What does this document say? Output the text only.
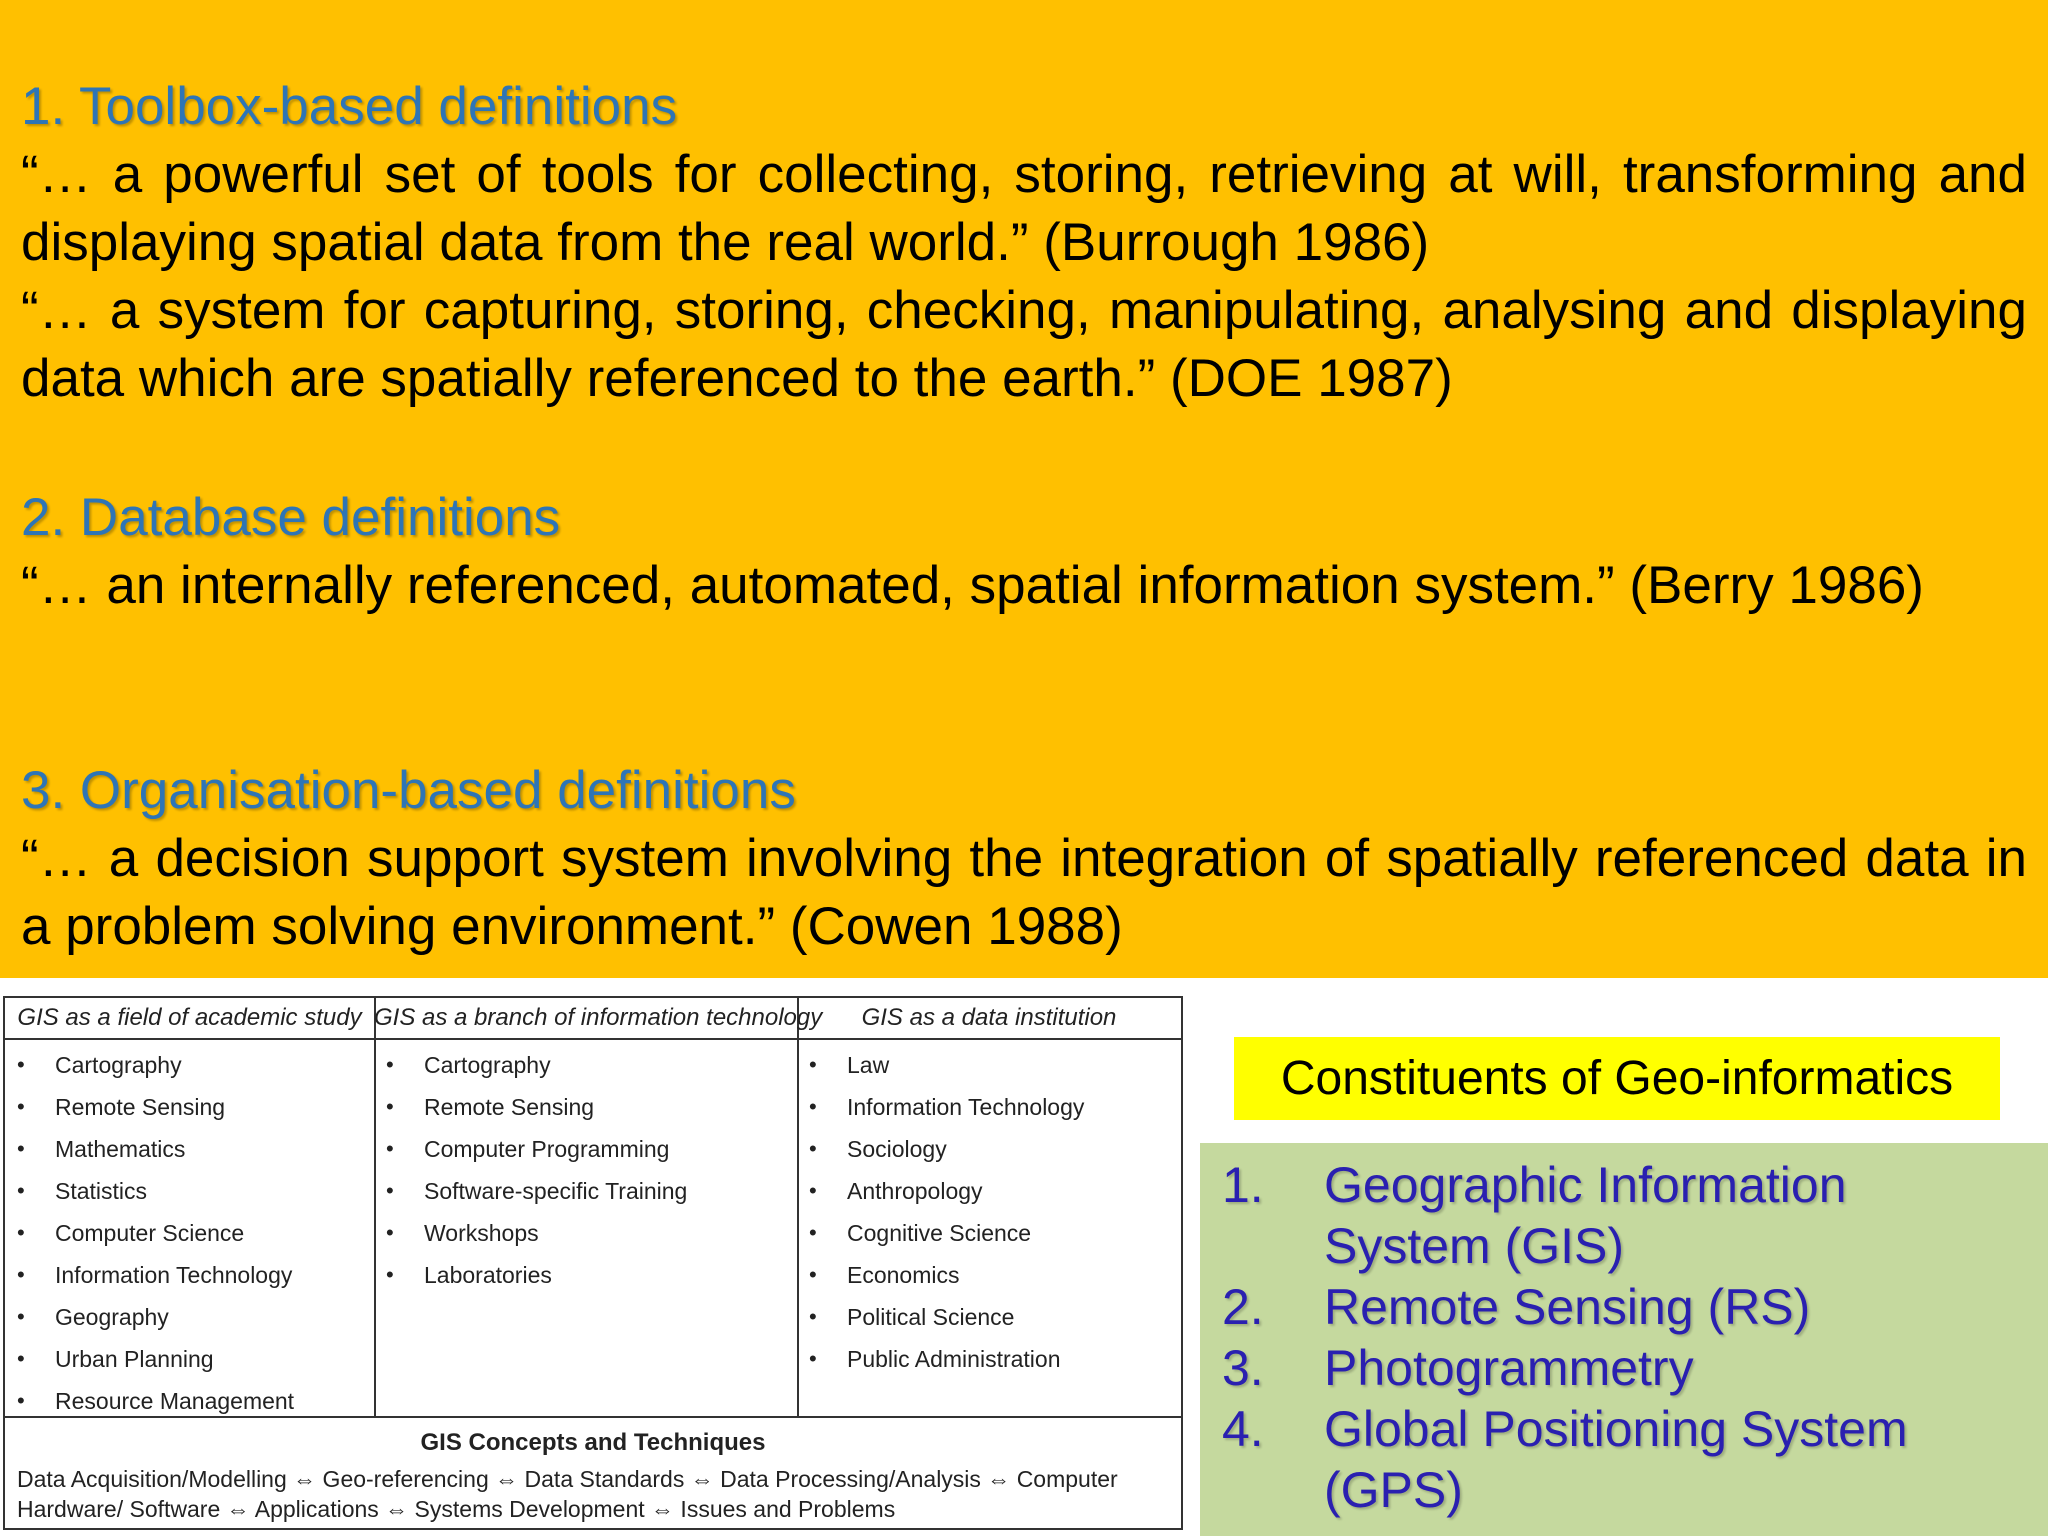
1. Toolbox-based definitions
“… a powerful set of tools for collecting, storing, retrieving at will, transforming and displaying spatial data from the real world.” (Burrough 1986)
“… a system for capturing, storing, checking, manipulating, analysing and displaying data which are spatially referenced to the earth.” (DOE 1987)
2. Database definitions
“… an internally referenced, automated, spatial information system.” (Berry 1986)
3. Organisation-based definitions
“… a decision support system involving the integration of spatially referenced data in a problem solving environment.” (Cowen 1988)
GIS as a field of academic study
• Cartography
• Remote Sensing
• Mathematics
• Statistics
• Computer Science
• Information Technology
• Geography
• Urban Planning
• Resource Management
GIS as a branch of information technology
• Cartography
• Remote Sensing
• Computer Programming
• Software-specific Training
• Workshops
• Laboratories
GIS as a data institution
• Law
• Information Technology
• Sociology
• Anthropology
• Cognitive Science
• Economics
• Political Science
• Public Administration
GIS Concepts and Techniques
Data Acquisition/Modelling ⇔ Geo-referencing ⇔ Data Standards ⇔ Data Processing/Analysis ⇔ Computer Hardware/ Software ⇔ Applications ⇔ Systems Development ⇔ Issues and Problems
Constituents of Geo-informatics
1. Geographic Information System (GIS)
2. Remote Sensing (RS)
3. Photogrammetry
4. Global Positioning System (GPS)
